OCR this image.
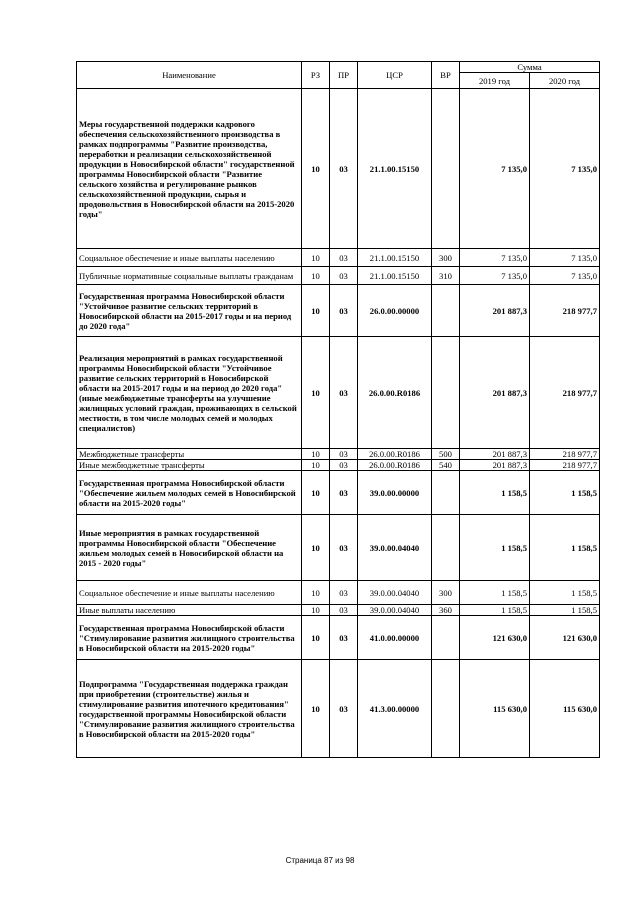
Наименование	РЗ	ПР	ЦСР	ВР	Сумма	
					2019 год	2020 год
Меры государственной поддержки кадрового обеспечения сельскохозяйственного производства в рамках подпрограммы "Развитие производства, переработки и реализации сельскохозяйственной продукции в Новосибирской области" государственной программы Новосибирской области "Развитие сельского хозяйства и регулирование рынков сельскохозяйственной продукции, сырья и продовольствия в Новосибирской области на 2015-2020 годы"	10	03	21.1.00.15150		7 135,0	7 135,0
Социальное обеспечение и иные выплаты населению	10	03	21.1.00.15150	300	7 135,0	7 135,0
Публичные нормативные социальные выплаты гражданам	10	03	21.1.00.15150	310	7 135,0	7 135,0
Государственная программа Новосибирской области "Устойчивое развитие сельских территорий в Новосибирской области на 2015-2017 годы и на период до 2020 года"	10	03	26.0.00.00000		201 887,3	218 977,7
Реализация мероприятий в рамках государственной программы Новосибирской области "Устойчивое развитие сельских территорий в Новосибирской области на 2015-2017 годы и на период до 2020 года" (иные межбюджетные трансферты на улучшение жилищных условий граждан, проживающих в сельской местности, в том числе молодых семей и молодых специалистов)	10	03	26.0.00.R0186		201 887,3	218 977,7
Межбюджетные трансферты	10	03	26.0.00.R0186	500	201 887,3	218 977,7
Иные межбюджетные трансферты	10	03	26.0.00.R0186	540	201 887,3	218 977,7
Государственная программа Новосибирской области "Обеспечение жильем молодых семей в Новосибирской области на 2015-2020 годы"	10	03	39.0.00.00000		1 158,5	1 158,5
Иные мероприятия в рамках государственной программы Новосибирской области "Обеспечение жильем молодых семей в Новосибирской области на 2015 - 2020 годы"	10	03	39.0.00.04040		1 158,5	1 158,5
Социальное обеспечение и иные выплаты населению	10	03	39.0.00.04040	300	1 158,5	1 158,5
Иные выплаты населению	10	03	39.0.00.04040	360	1 158,5	1 158,5
Государственная программа Новосибирской области "Стимулирование развития жилищного строительства в Новосибирской области на 2015-2020 годы"	10	03	41.0.00.00000		121 630,0	121 630,0
Подпрограмма "Государственная поддержка граждан при приобретении (строительстве) жилья и стимулирование развития ипотечного кредитования" государственной программы Новосибирской области "Стимулирование развития жилищного строительства в Новосибирской области на 2015-2020 годы"	10	03	41.3.00.00000		115 630,0	115 630,0
Страница 87 из 98
